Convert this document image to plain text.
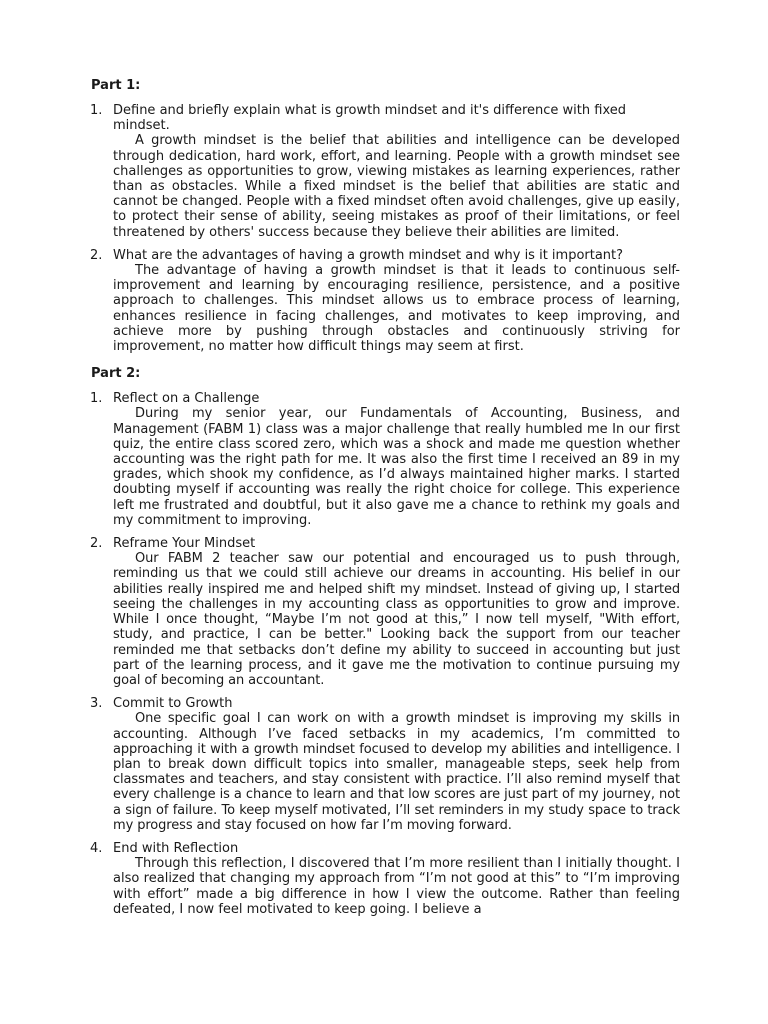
Part 1:
1. Define and briefly explain what is growth mindset and it's difference with fixed mindset.

A growth mindset is the belief that abilities and intelligence can be developed through dedication, hard work, effort, and learning. People with a growth mindset see challenges as opportunities to grow, viewing mistakes as learning experiences, rather than as obstacles. While a fixed mindset is the belief that abilities are static and cannot be changed. People with a fixed mindset often avoid challenges, give up easily, to protect their sense of ability, seeing mistakes as proof of their limitations, or feel threatened by others' success because they believe their abilities are limited.

2. What are the advantages of having a growth mindset and why is it important?

The advantage of having a growth mindset is that it leads to continuous self-improvement and learning by encouraging resilience, persistence, and a positive approach to challenges. This mindset allows us to embrace process of learning, enhances resilience in facing challenges, and motivates to keep improving, and achieve more by pushing through obstacles and continuously striving for improvement, no matter how difficult things may seem at first.

Part 2:
1. Reflect on a Challenge

During my senior year, our Fundamentals of Accounting, Business, and Management (FABM 1) class was a major challenge that really humbled me In our first quiz, the entire class scored zero, which was a shock and made me question whether accounting was the right path for me. It was also the first time I received an 89 in my grades, which shook my confidence, as I’d always maintained higher marks. I started doubting myself if accounting was really the right choice for college. This experience left me frustrated and doubtful, but it also gave me a chance to rethink my goals and my commitment to improving.

2. Reframe Your Mindset

Our FABM 2 teacher saw our potential and encouraged us to push through, reminding us that we could still achieve our dreams in accounting. His belief in our abilities really inspired me and helped shift my mindset. Instead of giving up, I started seeing the challenges in my accounting class as opportunities to grow and improve. While I once thought, “Maybe I’m not good at this,” I now tell myself, "With effort, study, and practice, I can be better." Looking back the support from our teacher reminded me that setbacks don’t define my ability to succeed in accounting but just part of the learning process, and it gave me the motivation to continue pursuing my goal of becoming an accountant.

3. Commit to Growth

One specific goal I can work on with a growth mindset is improving my skills in accounting. Although I’ve faced setbacks in my academics, I’m committed to approaching it with a growth mindset focused to develop my abilities and intelligence. I plan to break down difficult topics into smaller, manageable steps, seek help from classmates and teachers, and stay consistent with practice. I’ll also remind myself that every challenge is a chance to learn and that low scores are just part of my journey, not a sign of failure. To keep myself motivated, I’ll set reminders in my study space to track my progress and stay focused on how far I’m moving forward.

4. End with Reflection

Through this reflection, I discovered that I’m more resilient than I initially thought. I also realized that changing my approach from “I’m not good at this” to “I’m improving with effort” made a big difference in how I view the outcome. Rather than feeling defeated, I now feel motivated to keep going. I believe a
